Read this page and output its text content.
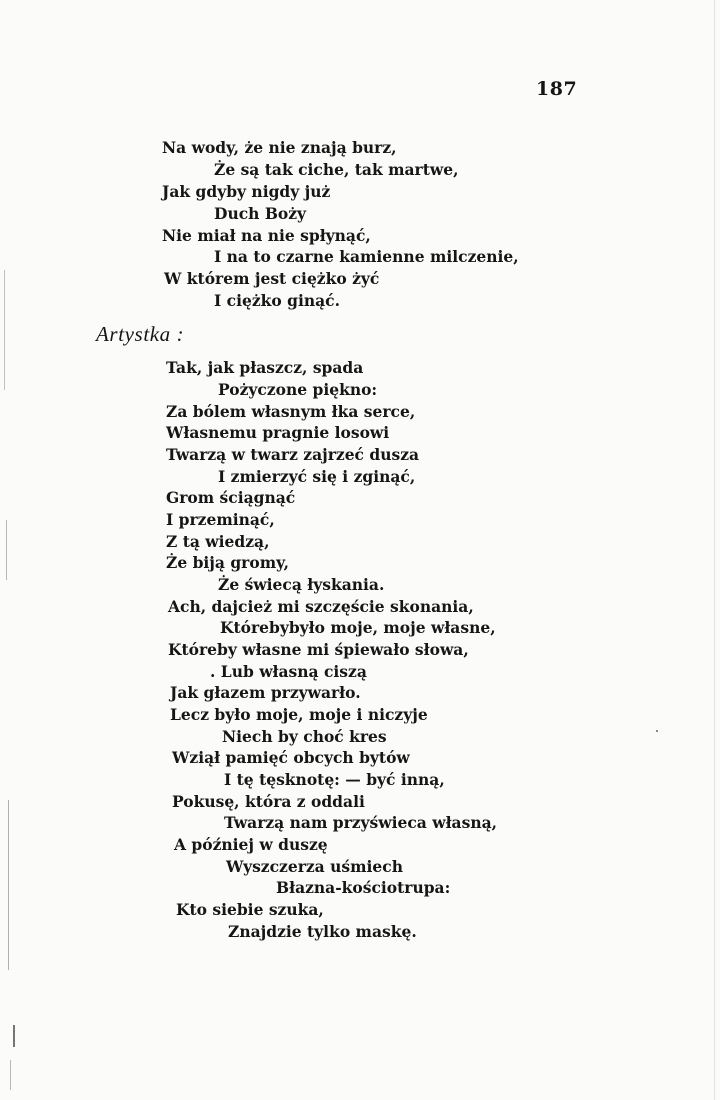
187
Na wody, że nie znają burz,
Że są tak ciche, tak martwe,
Jak gdyby nigdy już
Duch Boży
Nie miał na nie spłynąć,
I na to czarne kamienne milczenie,
W którem jest ciężko żyć
I ciężko ginąć.
Artystka :
Tak, jak płaszcz, spada
Pożyczone piękno:
Za bólem własnym łka serce,
Własnemu pragnie losowi
Twarzą w twarz zajrzeć dusza
I zmierzyć się i zginąć,
Grom ściągnąć
I przeminąć,
Z tą wiedzą,
Że biją gromy,
Że świecą łyskania.
Ach, dajcież mi szczęście skonania,
Którebybyło moje, moje własne,
Któreby własne mi śpiewało słowa,
. Lub własną ciszą
Jak głazem przywarło.
Lecz było moje, moje i niczyje
Niech by choć kres
Wziął pamięć obcych bytów
I tę tęsknotę: — być inną,
Pokusę, która z oddali
Twarzą nam przyświeca własną,
A później w duszę
Wyszczerza uśmiech
Błazna-kościotrupa:
Kto siebie szuka,
Znajdzie tylko maskę.
